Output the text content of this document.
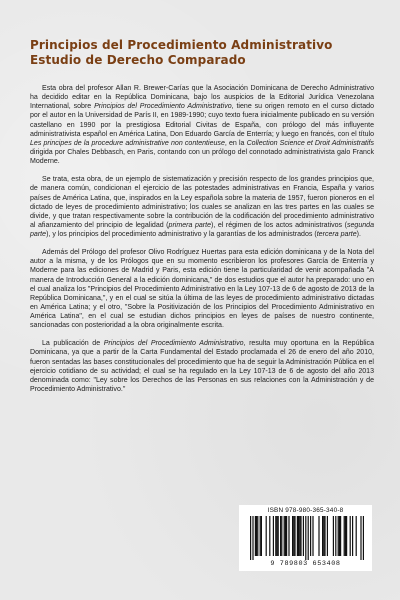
Principios del Procedimiento Administrativo
Estudio de Derecho Comparado

Esta obra del profesor Allan R. Brewer-Carías que la Asociación Dominicana de Derecho Administrativo ha decidido editar en la República Dominicana, bajo los auspicios de la Editorial Jurídica Venezolana International, sobre Principios del Procedimiento Administrativo, tiene su origen remoto en el curso dictado por el autor en la Universidad de París II, en 1989-1990; cuyo texto fuera inicialmente publicado en su versión castellano en 1990 por la prestigiosa Editorial Civitas de España, con prólogo del más influyente administrativista español en América Latina, Don Eduardo García de Enterría; y luego en francés, con el título Les principes de la procedure administrative non contentieuse, en la Collection Science et Droit Administratifs dirigida por Chales Debbasch, en Paris, contando con un prólogo del connotado administrativista galo Franck Moderne.

Se trata, esta obra, de un ejemplo de sistematización y precisión respecto de los grandes principios que, de manera común, condicionan el ejercicio de las potestades administrativas en Francia, España y varios países de América Latina, que, inspirados en la Ley española sobre la materia de 1957, fueron pioneros en el dictado de leyes de procedimiento administrativo; los cuales se analizan en las tres partes en las cuales se divide, y que tratan respectivamente sobre la contribución de la codificación del procedimiento administrativo al afianzamiento del principio de legalidad (primera parte), el régimen de los actos administrativos (segunda parte), y los principios del procedimiento administrativo y la garantías de los administrados (tercera parte).

Además del Prólogo del profesor Olivo Rodríguez Huertas para esta edición dominicana y de la Nota del autor a la misma, y de los Prólogos que en su momento escribieron los profesores García de Enterría y Moderne para las ediciones de Madrid y Paris, esta edición tiene la particularidad de venir acompañada "A manera de Introducción General a la edición dominicana," de dos estudios que el autor ha preparado: uno en el cual analiza los "Principios del Procedimiento Administrativo en la Ley 107-13 de 6 de agosto de 2013 de la República Dominicana,", y en el cual se sitúa la última de las leyes de procedimiento administrativo dictadas en América Latina; y el otro, "Sobre la Positivización de los Principios del Procedimiento Administrativo en América Latina", en el cual se estudian dichos principios en leyes de países de nuestro continente, sancionadas con posterioridad a la obra originalmente escrita.

La publicación de Principios del Procedimiento Administrativo, resulta muy oportuna en la República Dominicana, ya que a partir de la Carta Fundamental del Estado proclamada el 26 de enero del año 2010, fueron sentadas las bases constitucionales del procedimiento que ha de seguir la Administración Pública en el ejercicio cotidiano de su actividad; el cual se ha regulado en la Ley 107-13 de 6 de agosto del año 2013 denominada como: "Ley sobre los Derechos de las Personas en sus relaciones con la Administración y de Procedimiento Administrativo."

ISBN 978-980-365-340-8
9 789803 653408
